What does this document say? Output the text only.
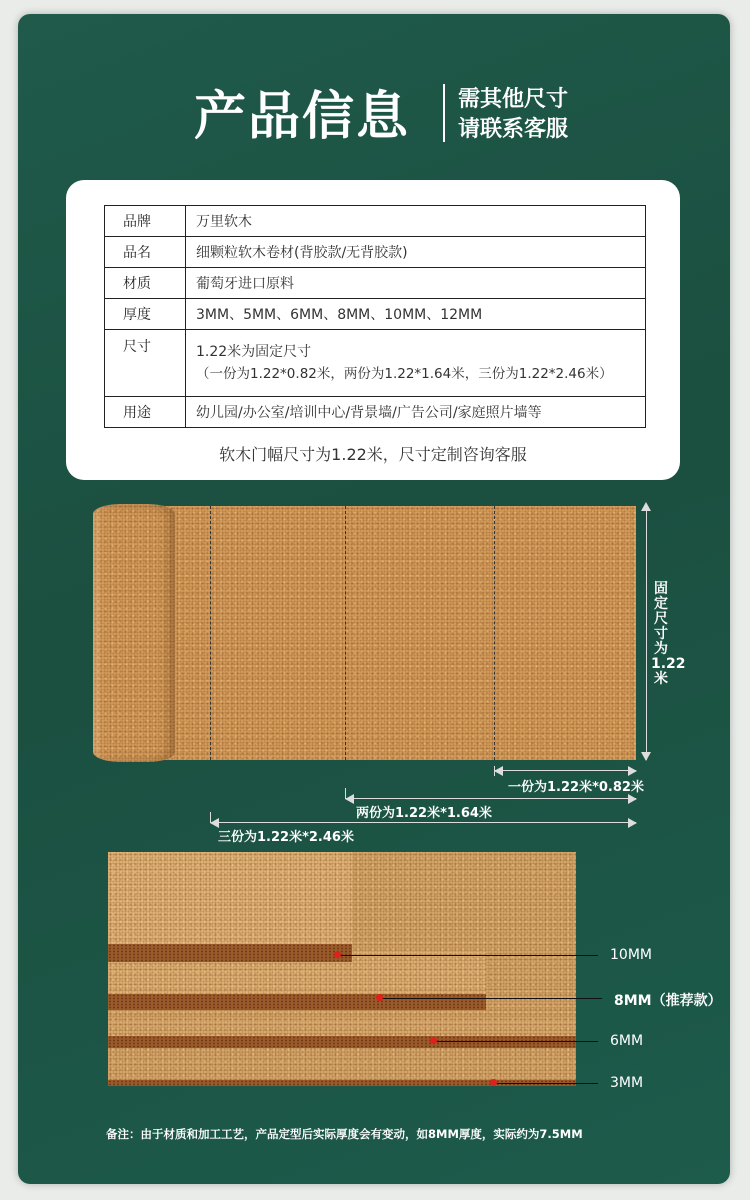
产品信息 需其他尺寸
请联系客服
品牌	万里软木
品名	细颗粒软木卷材(背胶款/无背胶款)
材质	葡萄牙进口原料
厚度	3MM、5MM、6MM、8MM、10MM、12MM
尺寸	1.22米为固定尺寸
（一份为1.22*0.82米，两份为1.22*1.64米，三份为1.22*2.46米）

用途	幼儿园/办公室/培训中心/背景墙/广告公司/家庭照片墙等
软木门幅尺寸为1.22米，尺寸定制咨询客服
固定尺寸为1.22米
一份为1.22米*0.82米
两份为1.22米*1.64米
三份为1.22米*2.46米
10MM
8MM（推荐款）
6MM
3MM
备注：由于材质和加工工艺，产品定型后实际厚度会有变动，如8MM厚度，实际约为7.5MM
